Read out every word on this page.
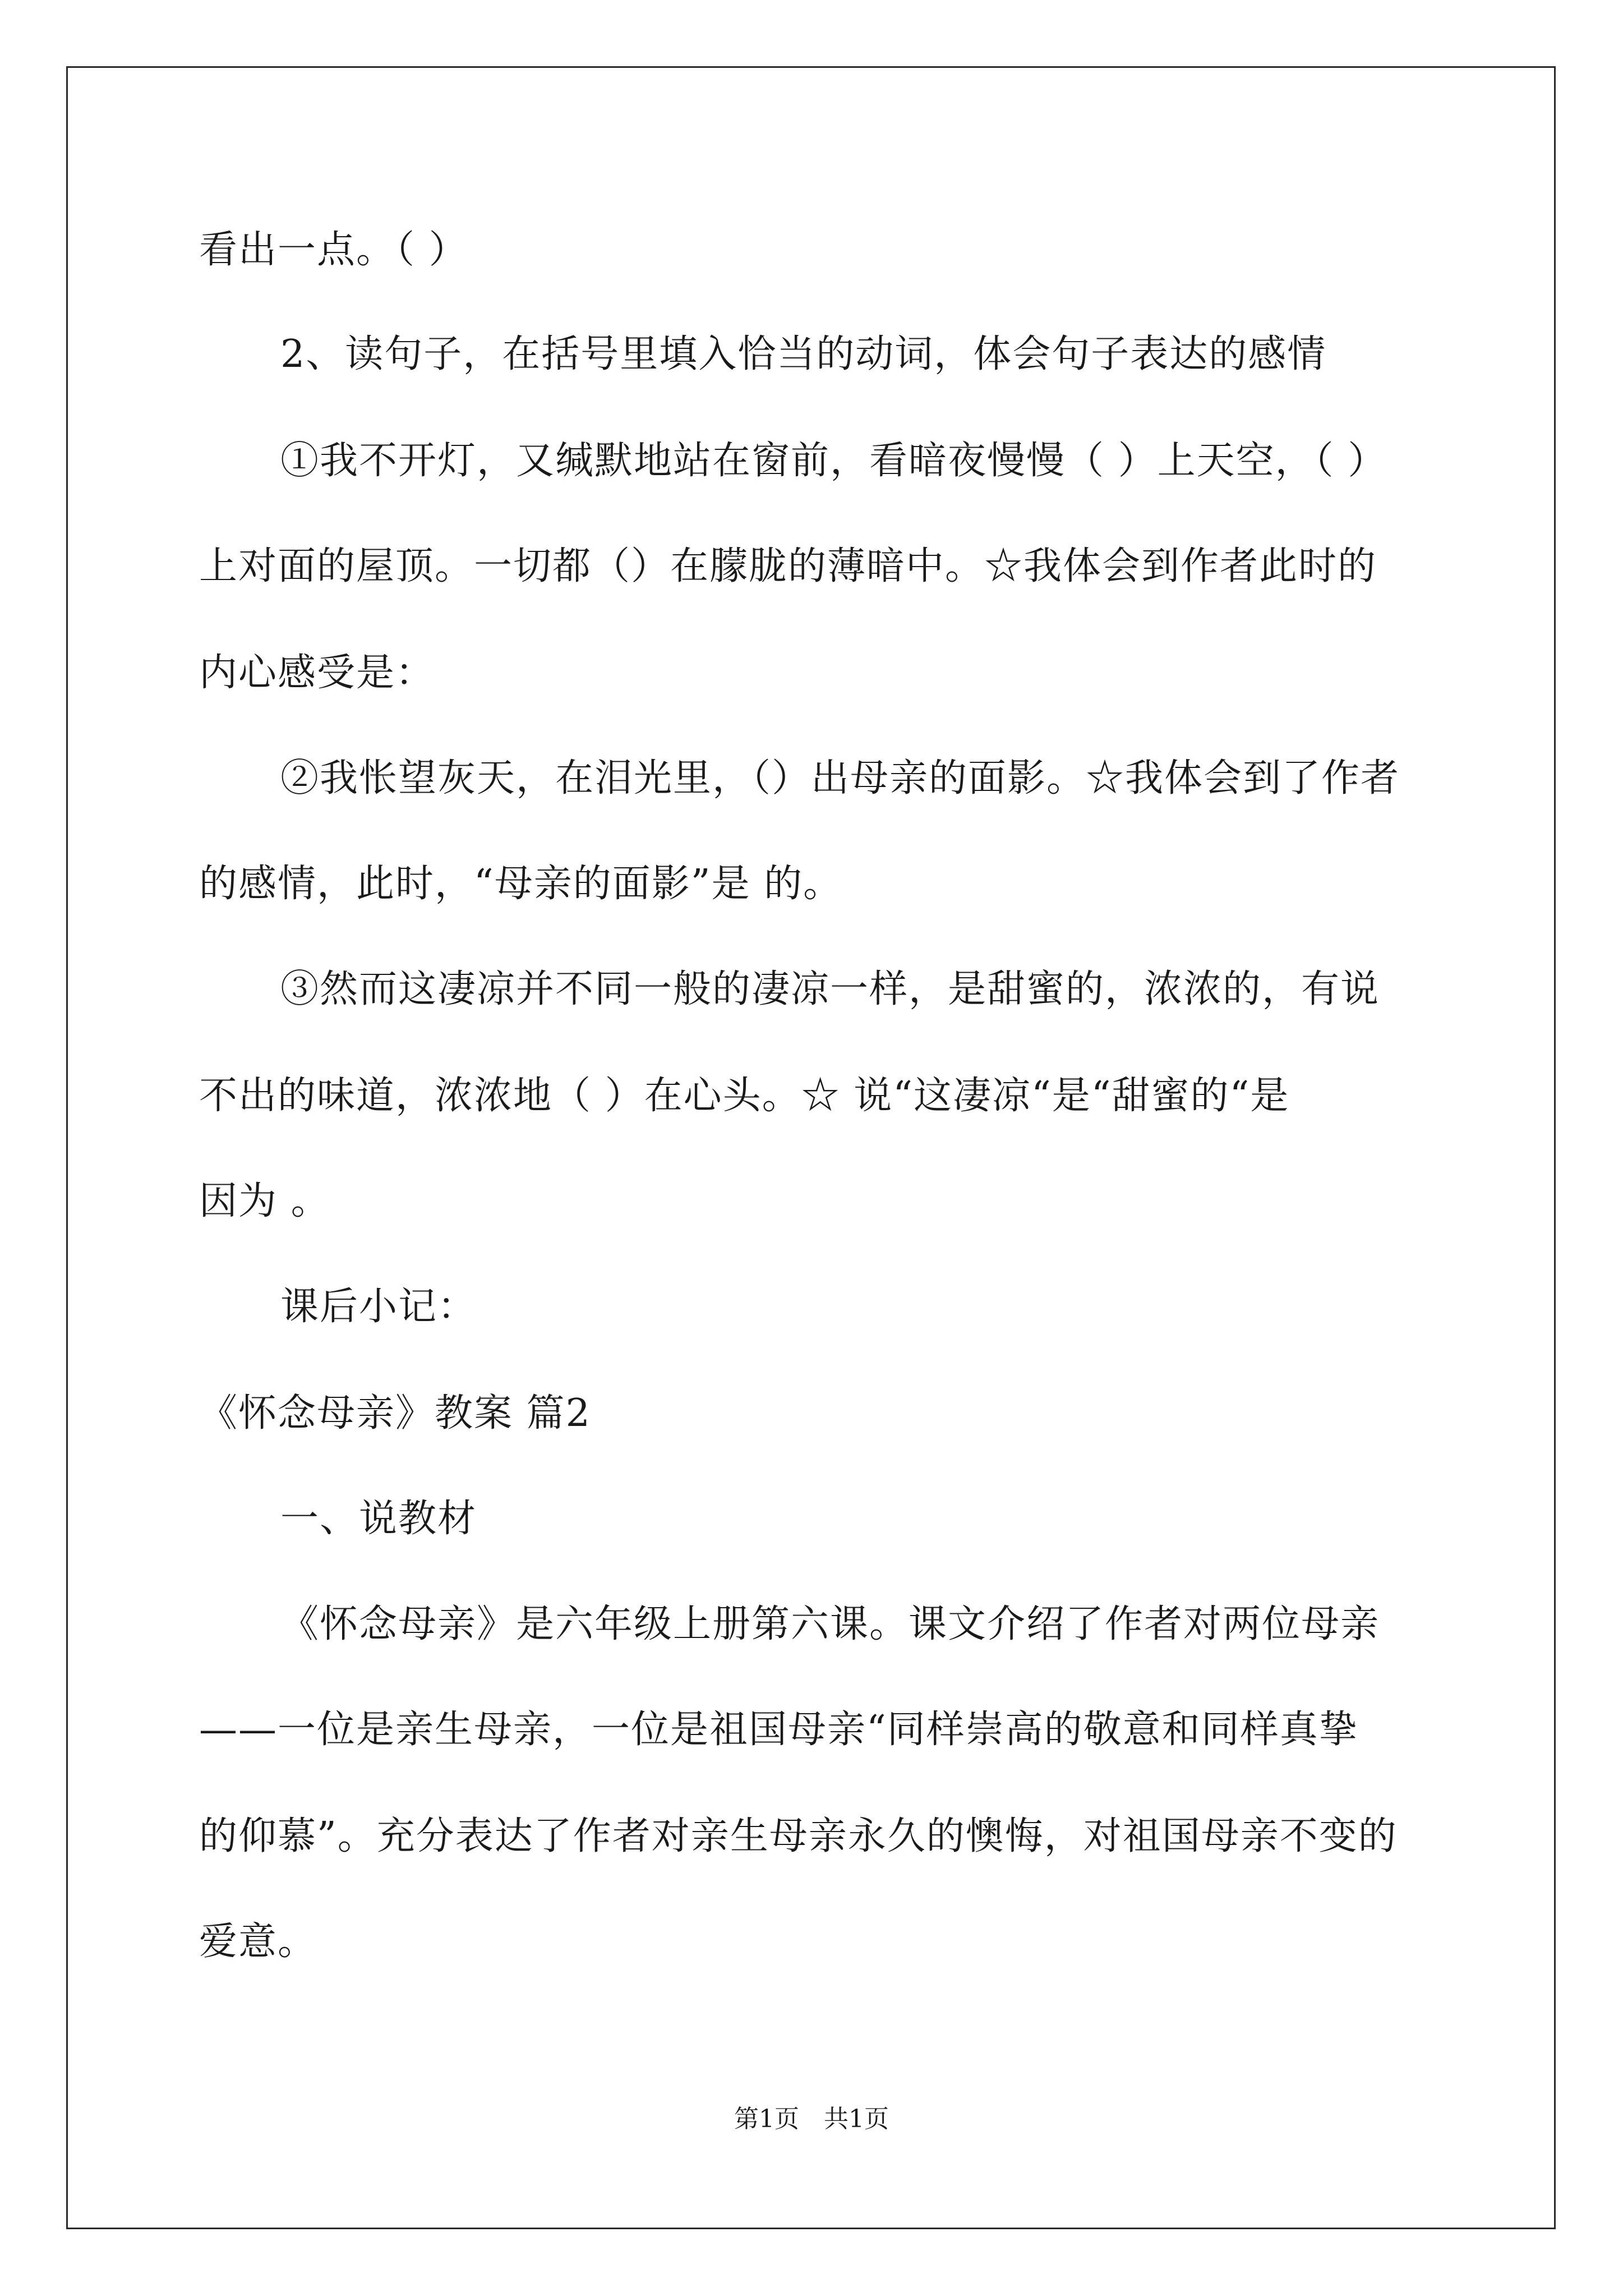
看出一点。（ ）
2、读句子，在括号里填入恰当的动词，体会句子表达的感情
①我不开灯，又缄默地站在窗前，看暗夜慢慢（ ）上天空，（ ）
上对面的屋顶。一切都（）在朦胧的薄暗中。☆我体会到作者此时的
内心感受是：
②我怅望灰天，在泪光里，（）出母亲的面影。☆我体会到了作者
的感情，此时，“母亲的面影”是 的。
③然而这凄凉并不同一般的凄凉一样，是甜蜜的，浓浓的，有说
不出的味道，浓浓地（ ）在心头。☆ 说“这凄凉“是“甜蜜的“是
因为 。
课后小记：
《怀念母亲》教案 篇2
一、说教材
《怀念母亲》是六年级上册第六课。课文介绍了作者对两位母亲
——一位是亲生母亲，一位是祖国母亲“同样崇高的敬意和同样真挚
的仰慕”。充分表达了作者对亲生母亲永久的懊悔，对祖国母亲不变的
爱意。
第1页　共1页
